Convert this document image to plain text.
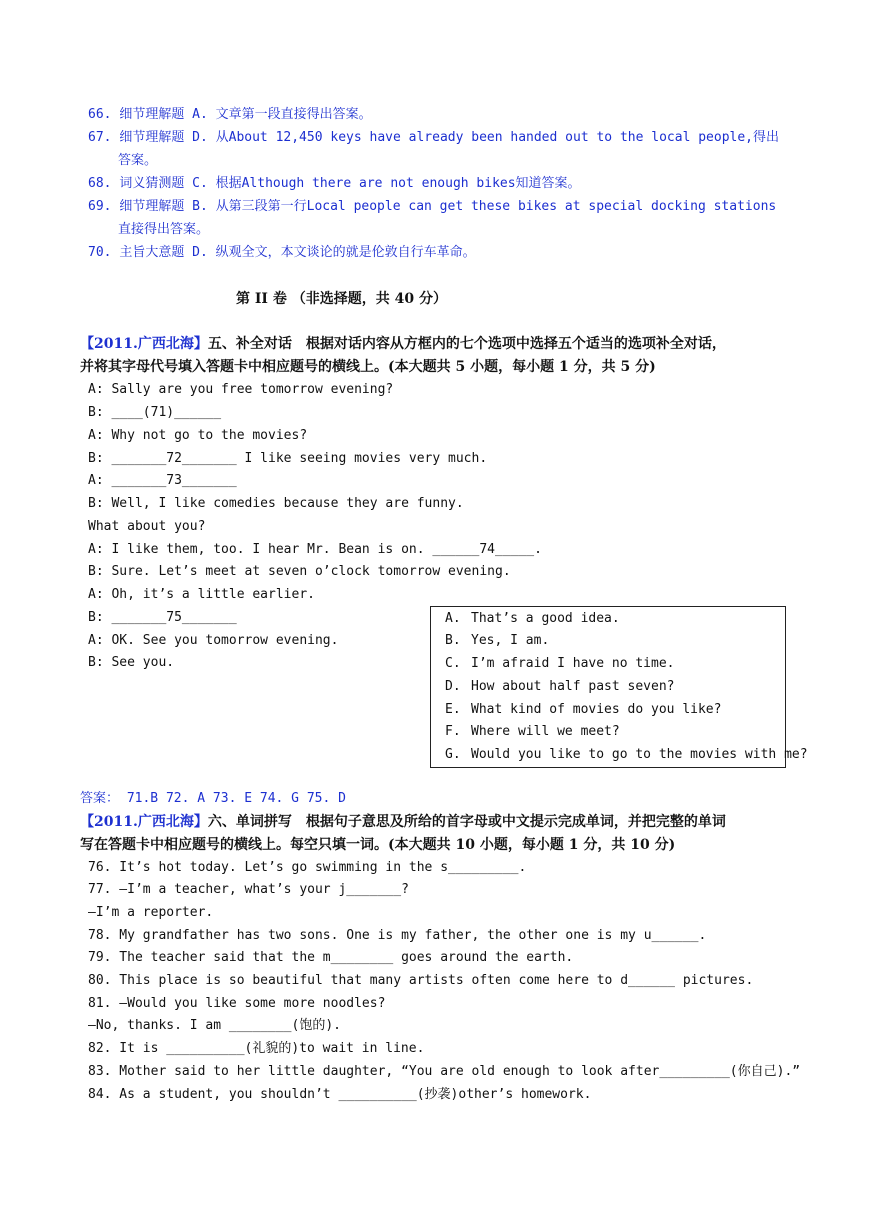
66. 细节理解题 A. 文章第一段直接得出答案。
67. 细节理解题 D. 从About 12,450 keys have already been handed out to the local people,得出
答案。
68. 词义猜测题 C. 根据Although there are not enough bikes知道答案。
69. 细节理解题 B. 从第三段第一行Local people can get these bikes at special docking stations
直接得出答案。
70. 主旨大意题 D. 纵观全文，本文谈论的就是伦敦自行车革命。
第 II 卷 （非选择题，共 40 分）
【2011.广西北海】五、补全对话　根据对话内容从方框内的七个选项中选择五个适当的选项补全对话，
并将其字母代号填入答题卡中相应题号的横线上。(本大题共 5 小题，每小题 1 分，共 5 分)
A: Sally are you free tomorrow evening?
B: ____(71)______
A: Why not go to the movies?
B: _______72_______ I like seeing movies very much.
A: _______73_______
B: Well, I like comedies because they are funny.
What about you?
A: I like them, too. I hear Mr. Bean is on. ______74_____.
B: Sure. Let’s meet at seven o’clock tomorrow evening.
A: Oh, it’s a little earlier.
B: _______75_______
A: OK. See you tomorrow evening.
B: See you.
A. That’s a good idea.
B. Yes, I am.
C. I’m afraid I have no time.
D. How about half past seven?
E. What kind of movies do you like?
F. Where will we meet?
G. Would you like to go to the movies with me?
答案： 71.B 72. A 73. E 74. G 75. D
【2011.广西北海】六、单词拼写　根据句子意思及所给的首字母或中文提示完成单词，并把完整的单词
写在答题卡中相应题号的横线上。每空只填一词。(本大题共 10 小题，每小题 1 分，共 10 分)
76. It’s hot today. Let’s go swimming in the s_________.
77. —I’m a teacher, what’s your j_______?
—I’m a reporter.
78. My grandfather has two sons. One is my father, the other one is my u______.
79. The teacher said that the m________ goes around the earth.
80. This place is so beautiful that many artists often come here to d______ pictures.
81. —Would you like some more noodles?
—No, thanks. I am ________(饱的).
82. It is __________(礼貌的)to wait in line.
83. Mother said to her little daughter, “You are old enough to look after_________(你自己).”
84. As a student, you shouldn’t __________(抄袭)other’s homework.
